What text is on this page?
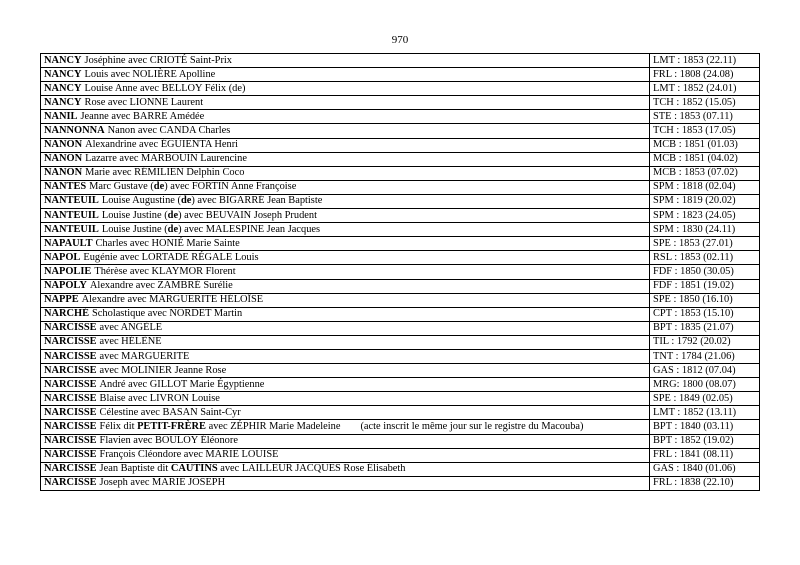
970
NANCY Joséphine avec CRIOTÉ Saint-Prix	LMT : 1853 (22.11)
NANCY Louis avec NOLIÈRE Apolline	FRL : 1808 (24.08)
NANCY Louise Anne avec BELLOY Félix (de)	LMT : 1852 (24.01)
NANCY Rose avec LIONNE Laurent	TCH : 1852 (15.05)
NANIL Jeanne avec BARRE Amédée	STE : 1853 (07.11)
NANNONNA Nanon avec CANDA Charles	TCH : 1853 (17.05)
NANON Alexandrine avec ÉGUIENTA Henri	MCB : 1851 (01.03)
NANON Lazarre avec MARBOUIN Laurencine	MCB : 1851 (04.02)
NANON Marie avec RÉMILIEN Delphin Coco	MCB : 1853 (07.02)
NANTES Marc Gustave (de) avec FORTIN Anne Françoise	SPM : 1818 (02.04)
NANTEUIL Louise Augustine (de) avec BIGARRÉ Jean Baptiste	SPM : 1819 (20.02)
NANTEUIL Louise Justine (de) avec BEUVAIN Joseph Prudent	SPM : 1823 (24.05)
NANTEUIL Louise Justine (de) avec MALESPINE Jean Jacques	SPM : 1830 (24.11)
NAPAULT Charles avec HONIÉ Marie Sainte	SPE : 1853 (27.01)
NAPOL Eugénie avec LORTADE RÉGALE Louis	RSL : 1853 (02.11)
NAPOLIE Thérèse avec KLAYMOR Florent	FDF : 1850 (30.05)
NAPOLY Alexandre avec ZAMBRÉ Surélie	FDF : 1851 (19.02)
NAPPE Alexandre avec MARGUERITE HÉLOÏSE	SPE : 1850 (16.10)
NARCHÉ Scholastique avec NORDET Martin	CPT : 1853 (15.10)
NARCISSE avec ANGÈLE	BPT : 1835 (21.07)
NARCISSE avec HÉLÈNE	TIL : 1792 (20.02)
NARCISSE avec MARGUERITE	TNT : 1784 (21.06)
NARCISSE avec MOLINIER Jeanne Rose	GAS : 1812 (07.04)
NARCISSE André avec GILLOT Marie Égyptienne	MRG: 1800 (08.07)
NARCISSE Blaise avec LIVRON Louise	SPE : 1849 (02.05)
NARCISSE Célestine avec BASAN Saint-Cyr	LMT : 1852 (13.11)
NARCISSE Félix dit PETIT-FRÈRE avec ZÉPHIR Marie Madeleine (acte inscrit le même jour sur le registre du Macouba)	BPT : 1840 (03.11)
NARCISSE Flavien avec BOULOY Éléonore	BPT : 1852 (19.02)
NARCISSE François Cléondore avec MARIE LOUISE	FRL : 1841 (08.11)
NARCISSE Jean Baptiste dit CAUTINS avec LAILLEUR JACQUES Rose Élisabeth	GAS : 1840 (01.06)
NARCISSE Joseph avec MARIE JOSEPH	FRL : 1838 (22.10)
